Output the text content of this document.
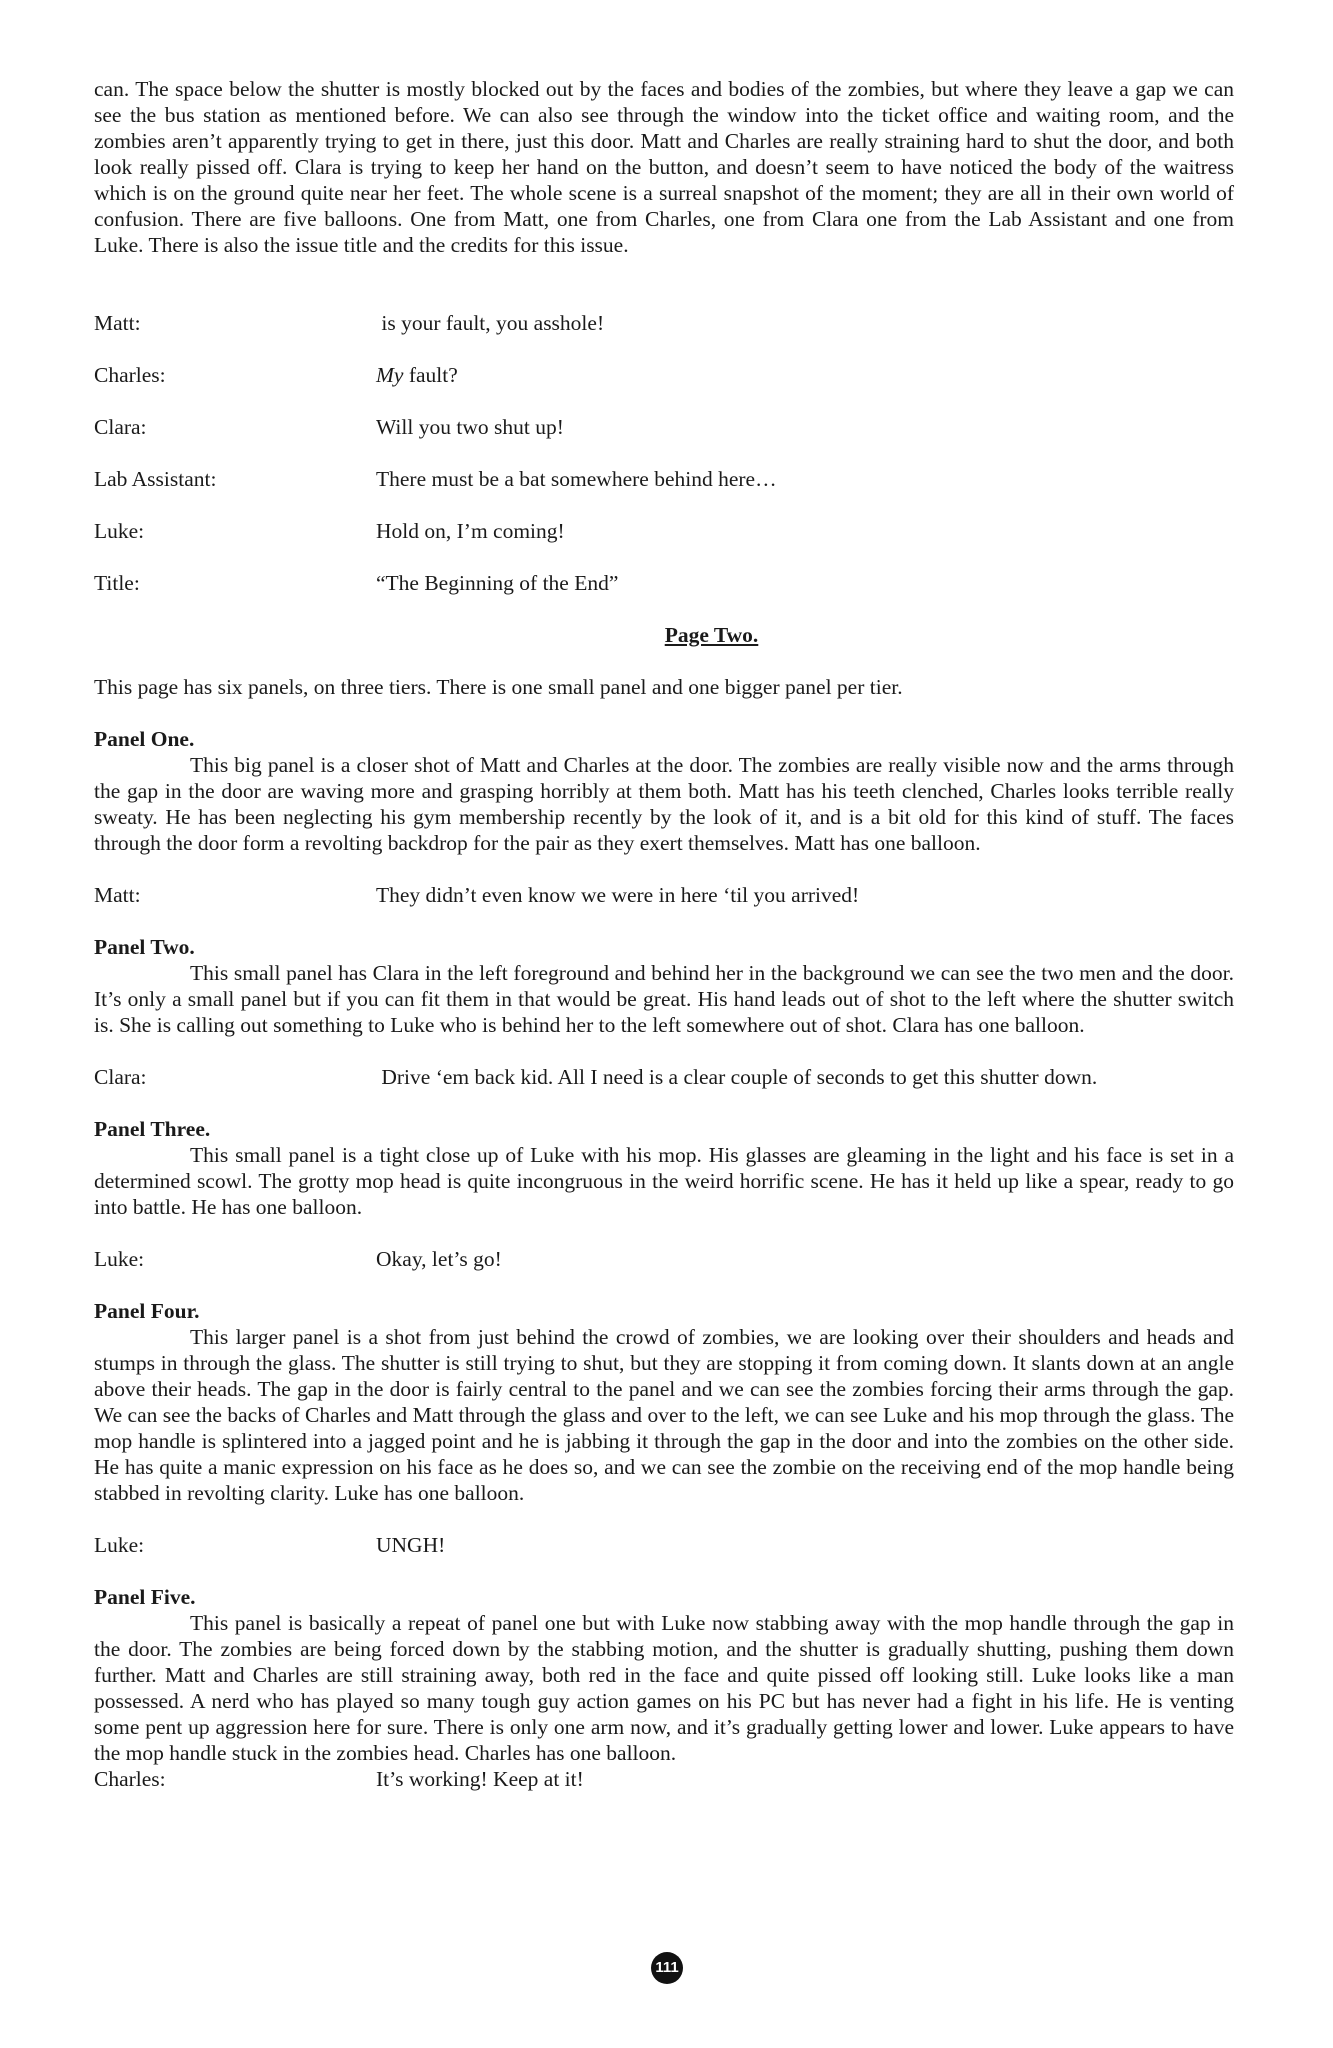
can. The space below the shutter is mostly blocked out by the faces and bodies of the zombies, but where they leave a gap we can see the bus station as mentioned before. We can also see through the window into the ticket office and waiting room, and the zombies aren’t apparently trying to get in there, just this door. Matt and Charles are really straining hard to shut the door, and both look really pissed off. Clara is trying to keep her hand on the button, and doesn’t seem to have noticed the body of the waitress which is on the ground quite near her feet. The whole scene is a surreal snapshot of the moment; they are all in their own world of confusion. There are five balloons. One from Matt, one from Charles, one from Clara one from the Lab Assistant and one from Luke. There is also the issue title and the credits for this issue.

Matt:	is your fault, you asshole!
Charles:	My fault?
Clara:	Will you two shut up!
Lab Assistant:	There must be a bat somewhere behind here…
Luke:	Hold on, I’m coming!
Title:	“The Beginning of the End”

Page Two.

This page has six panels, on three tiers. There is one small panel and one bigger panel per tier.

Panel One.

This big panel is a closer shot of Matt and Charles at the door. The zombies are really visible now and the arms through the gap in the door are waving more and grasping horribly at them both. Matt has his teeth clenched, Charles looks terrible really sweaty. He has been neglecting his gym membership recently by the look of it, and is a bit old for this kind of stuff. The faces through the door form a revolting backdrop for the pair as they exert themselves. Matt has one balloon.

Matt:	They didn’t even know we were in here ‘til you arrived!

Panel Two.

This small panel has Clara in the left foreground and behind her in the background we can see the two men and the door. It’s only a small panel but if you can fit them in that would be great. His hand leads out of shot to the left where the shutter switch is. She is calling out something to Luke who is behind her to the left somewhere out of shot. Clara has one balloon.

Clara:	Drive ‘em back kid. All I need is a clear couple of seconds to get this shutter down.

Panel Three.

This small panel is a tight close up of Luke with his mop. His glasses are gleaming in the light and his face is set in a determined scowl. The grotty mop head is quite incongruous in the weird horrific scene. He has it held up like a spear, ready to go into battle. He has one balloon.

Luke:	Okay, let’s go!

Panel Four.

This larger panel is a shot from just behind the crowd of zombies, we are looking over their shoulders and heads and stumps in through the glass. The shutter is still trying to shut, but they are stopping it from coming down. It slants down at an angle above their heads. The gap in the door is fairly central to the panel and we can see the zombies forcing their arms through the gap. We can see the backs of Charles and Matt through the glass and over to the left, we can see Luke and his mop through the glass. The mop handle is splintered into a jagged point and he is jabbing it through the gap in the door and into the zombies on the other side. He has quite a manic expression on his face as he does so, and we can see the zombie on the receiving end of the mop handle being stabbed in revolting clarity. Luke has one balloon.

Luke:	UNGH!

Panel Five.

This panel is basically a repeat of panel one but with Luke now stabbing away with the mop handle through the gap in the door. The zombies are being forced down by the stabbing motion, and the shutter is gradually shutting, pushing them down further. Matt and Charles are still straining away, both red in the face and quite pissed off looking still. Luke looks like a man possessed. A nerd who has played so many tough guy action games on his PC but has never had a fight in his life. He is venting some pent up aggression here for sure. There is only one arm now, and it’s gradually getting lower and lower. Luke appears to have the mop handle stuck in the zombies head. Charles has one balloon.

Charles:	It’s working! Keep at it!
111
